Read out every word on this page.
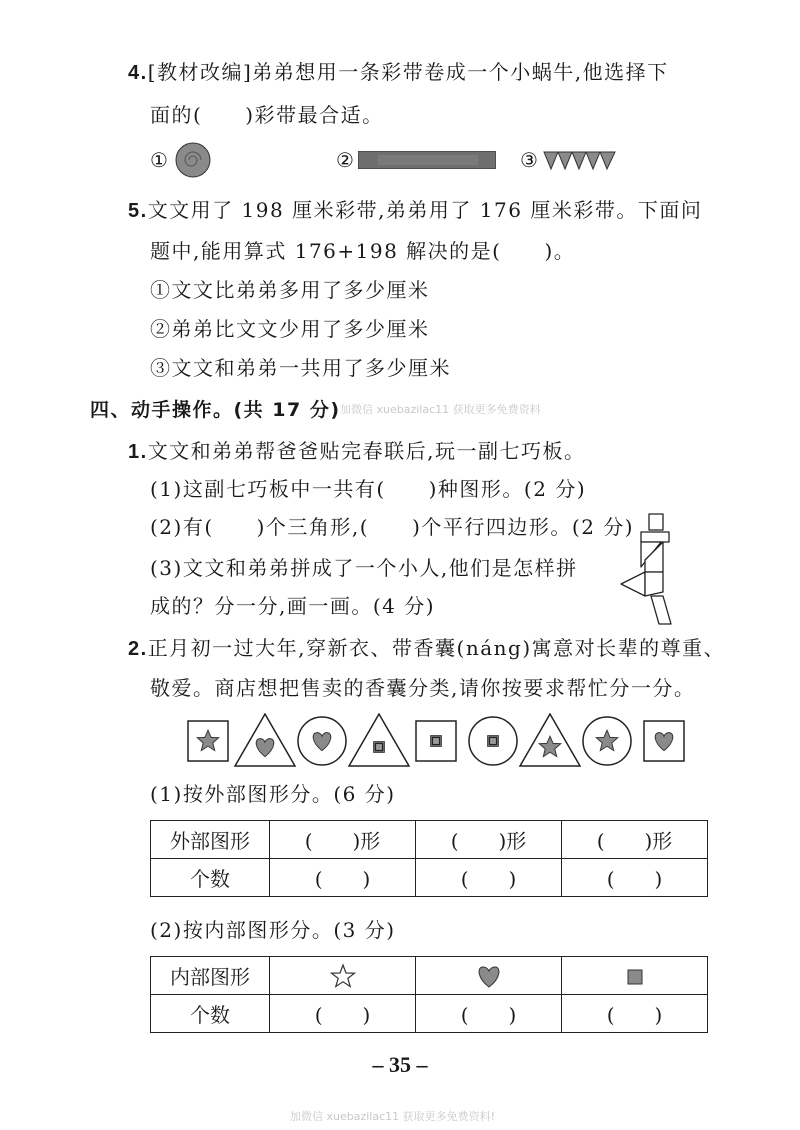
4.[教材改编]弟弟想用一条彩带卷成一个小蜗牛,他选择下
面的(　　)彩带最合适。
①	②	③
5.文文用了 198 厘米彩带,弟弟用了 176 厘米彩带。下面问
题中,能用算式 176+198 解决的是(　　)。
①文文比弟弟多用了多少厘米
②弟弟比文文少用了多少厘米
③文文和弟弟一共用了多少厘米
四、动手操作。(共 17 分) 加微信 xuebazilac11 获取更多免费资料
1.文文和弟弟帮爸爸贴完春联后,玩一副七巧板。
(1)这副七巧板中一共有(　　)种图形。(2 分)
(2)有(　　)个三角形,(　　)个平行四边形。(2 分)
(3)文文和弟弟拼成了一个小人,他们是怎样拼
成的？分一分,画一画。(4 分)
2.正月初一过大年,穿新衣、带香囊(náng)寓意对长辈的尊重、
敬爱。商店想把售卖的香囊分类,请你按要求帮忙分一分。
(1)按外部图形分。(6 分)
外部图形	(　　)形	(　　)形	(　　)形
个数	(　　)	(　　)	(　　)
(2)按内部图形分。(3 分)
内部图形			
个数	(　　)	(　　)	(　　)
– 35 –
加微信 xuebazilac11 获取更多免费资料!
